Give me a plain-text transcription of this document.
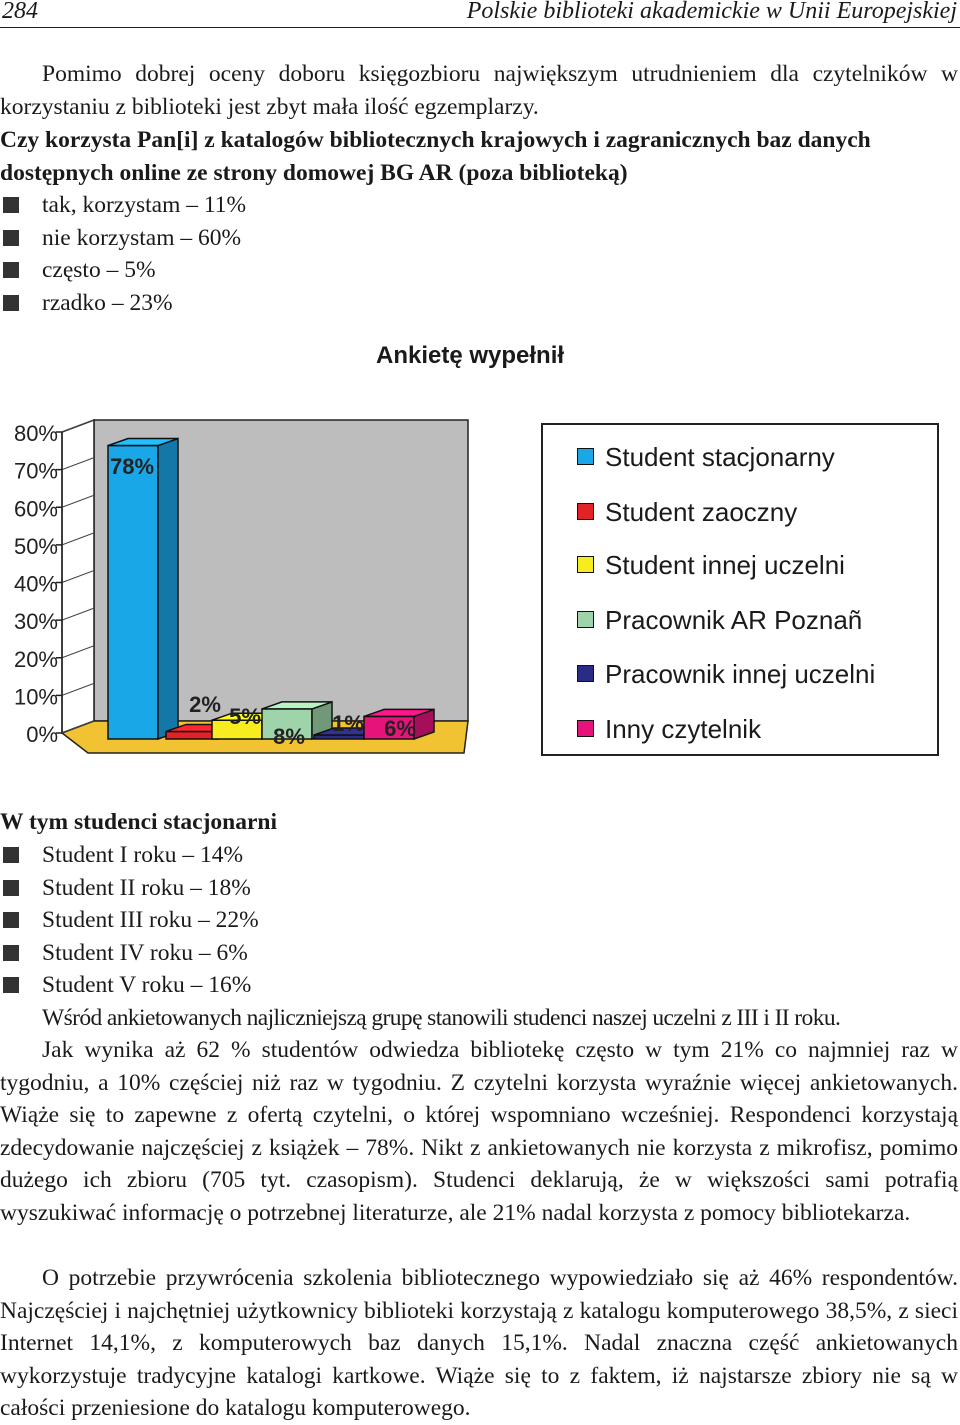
284	Polskie biblioteki akademickie w Unii Europejskiej
Pomimo dobrej oceny doboru księgozbioru największym utrudnieniem dla czytelników w korzystaniu z biblioteki jest zbyt mała ilość egzemplarzy.
Czy korzysta Pan[i] z katalogów bibliotecznych krajowych i zagranicznych baz danych dostępnych online ze strony domowej BG AR (poza biblioteką)
tak, korzystam – 11%
nie korzystam – 60%
często – 5%
rzadko – 23%
Ankietę wypełnił
0%
10%
20%
30%
40%
50%
60%
70%
80%
78%
2% 5%
8%
1% 6%
Student stacjonarny
Student zaoczny
Student innej uczelni
Pracownik AR Poznañ
Pracownik innej uczelni
Inny czytelnik
W tym studenci stacjonarni
Student I roku – 14%
Student II roku – 18%
Student III roku – 22%
Student IV roku – 6%
Student V roku – 16%
Wśród ankietowanych najliczniejszą grupę stanowili studenci naszej uczelni z III i II roku.
Jak wynika aż 62 % studentów odwiedza bibliotekę często w tym 21% co najmniej raz w tygodniu, a 10% częściej niż raz w tygodniu. Z czytelni korzysta wyraźnie więcej ankietowanych. Wiąże się to zapewne z ofertą czytelni, o której wspomniano wcześniej. Respondenci korzystają zdecydowanie najczęściej z książek – 78%. Nikt z ankietowanych nie korzysta z mikrofisz, pomimo dużego ich zbioru (705 tyt. czasopism). Studenci deklarują, że w większości sami potrafią wyszukiwać informację o potrzebnej literaturze, ale 21% nadal korzysta z pomocy bibliotekarza.
O potrzebie przywrócenia szkolenia bibliotecznego wypowiedziało się aż 46% respondentów. Najczęściej i najchętniej użytkownicy biblioteki korzystają z katalogu komputerowego 38,5%, z sieci Internet 14,1%, z komputerowych baz danych 15,1%. Nadal znaczna część ankietowanych wykorzystuje tradycyjne katalogi kartkowe. Wiąże się to z faktem, iż najstarsze zbiory nie są w całości przeniesione do katalogu komputerowego.
